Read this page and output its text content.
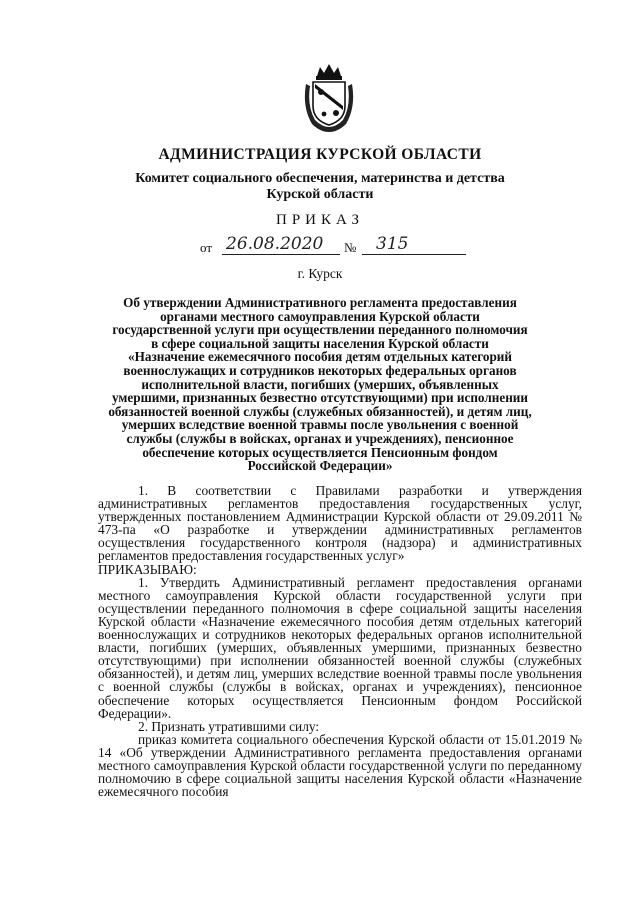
АДМИНИСТРАЦИЯ КУРСКОЙ ОБЛАСТИ
Комитет социального обеспечения, материнства и детства
Курской области
ПРИКАЗ
от 26.08.2020 № 315
г. Курск
Об утверждении Административного регламента предоставления
органами местного самоуправления Курской области
государственной услуги при осуществлении переданного полномочия
в сфере социальной защиты населения Курской области
«Назначение ежемесячного пособия детям отдельных категорий
военнослужащих и сотрудников некоторых федеральных органов
исполнительной власти, погибших (умерших, объявленных
умершими, признанных безвестно отсутствующими) при исполнении
обязанностей военной службы (служебных обязанностей), и детям лиц,
умерших вследствие военной травмы после увольнения с военной
службы (службы в войсках, органах и учреждениях), пенсионное
обеспечение которых осуществляется Пенсионным фондом
Российской Федерации»

1. В соответствии с Правилами разработки и утверждения административных регламентов предоставления государственных услуг, утвержденных постановлением Администрации Курской области от 29.09.2011 № 473-па «О разработке и утверждении административных регламентов осуществления государственного контроля (надзора) и административных регламентов предоставления государственных услуг»

ПРИКАЗЫВАЮ:

1. Утвердить Административный регламент предоставления органами местного самоуправления Курской области государственной услуги при осуществлении переданного полномочия в сфере социальной защиты населения Курской области «Назначение ежемесячного пособия детям отдельных категорий военнослужащих и сотрудников некоторых федеральных органов исполнительной власти, погибших (умерших, объявленных умершими, признанных безвестно отсутствующими) при исполнении обязанностей военной службы (служебных обязанностей), и детям лиц, умерших вследствие военной травмы после увольнения с военной службы (службы в войсках, органах и учреждениях), пенсионное обеспечение которых осуществляется Пенсионным фондом Российской Федерации».

2. Признать утратившими силу:

приказ комитета социального обеспечения Курской области от 15.01.2019 № 14 «Об утверждении Административного регламента предоставления органами местного самоуправления Курской области государственной услуги по переданному полномочию в сфере социальной защиты населения Курской области «Назначение ежемесячного пособия
